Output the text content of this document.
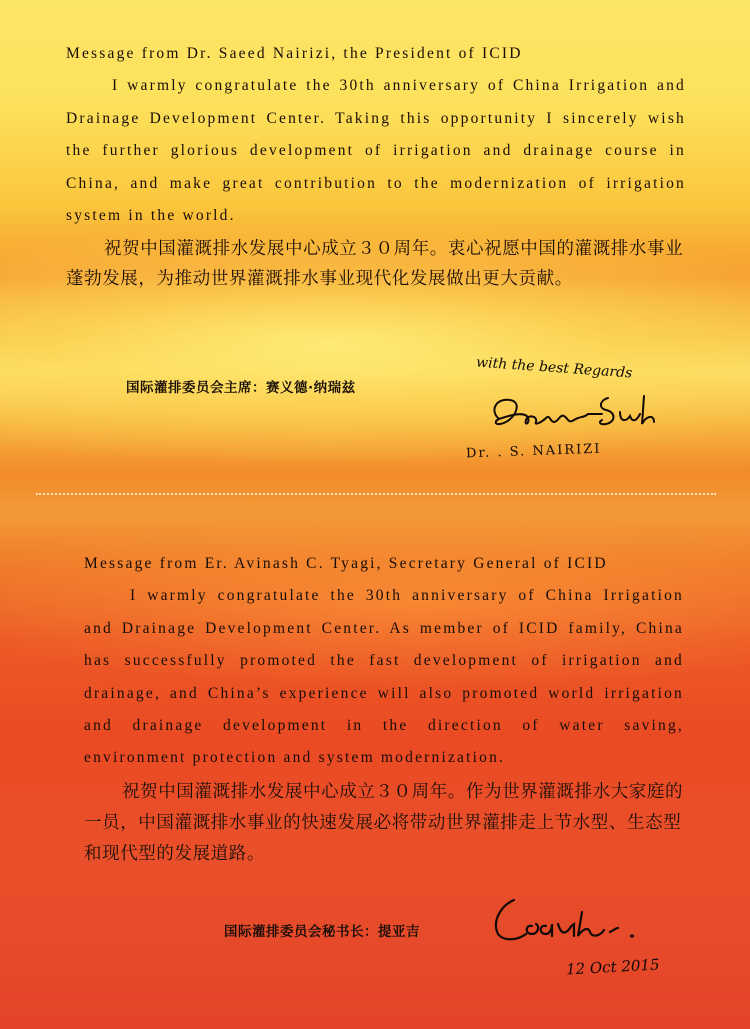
Message from Dr. Saeed Nairizi, the President of ICID

I warmly congratulate the 30th anniversary of China Irrigation and Drainage Development Center. Taking this opportunity I sincerely wish the further glorious development of irrigation and drainage course in China, and make great contribution to the modernization of irrigation system in the world.

祝贺中国灌溉排水发展中心成立３０周年。衷心祝愿中国的灌溉排水事业蓬勃发展，为推动世界灌溉排水事业现代化发展做出更大贡献。

国际灌排委员会主席：赛义德·纳瑞兹
with the best Regards
Dr. . S. NAIRIZI

Message from Er. Avinash C. Tyagi, Secretary General of ICID

I warmly congratulate the 30th anniversary of China Irrigation and Drainage Development Center. As member of ICID family, China has successfully promoted the fast development of irrigation and drainage, and China’s experience will also promoted world irrigation and drainage development in the direction of water saving, environment protection and system modernization.

祝贺中国灌溉排水发展中心成立３０周年。作为世界灌溉排水大家庭的一员，中国灌溉排水事业的快速发展必将带动世界灌排走上节水型、生态型和现代型的发展道路。

国际灌排委员会秘书长：提亚吉
12 Oct 2015
